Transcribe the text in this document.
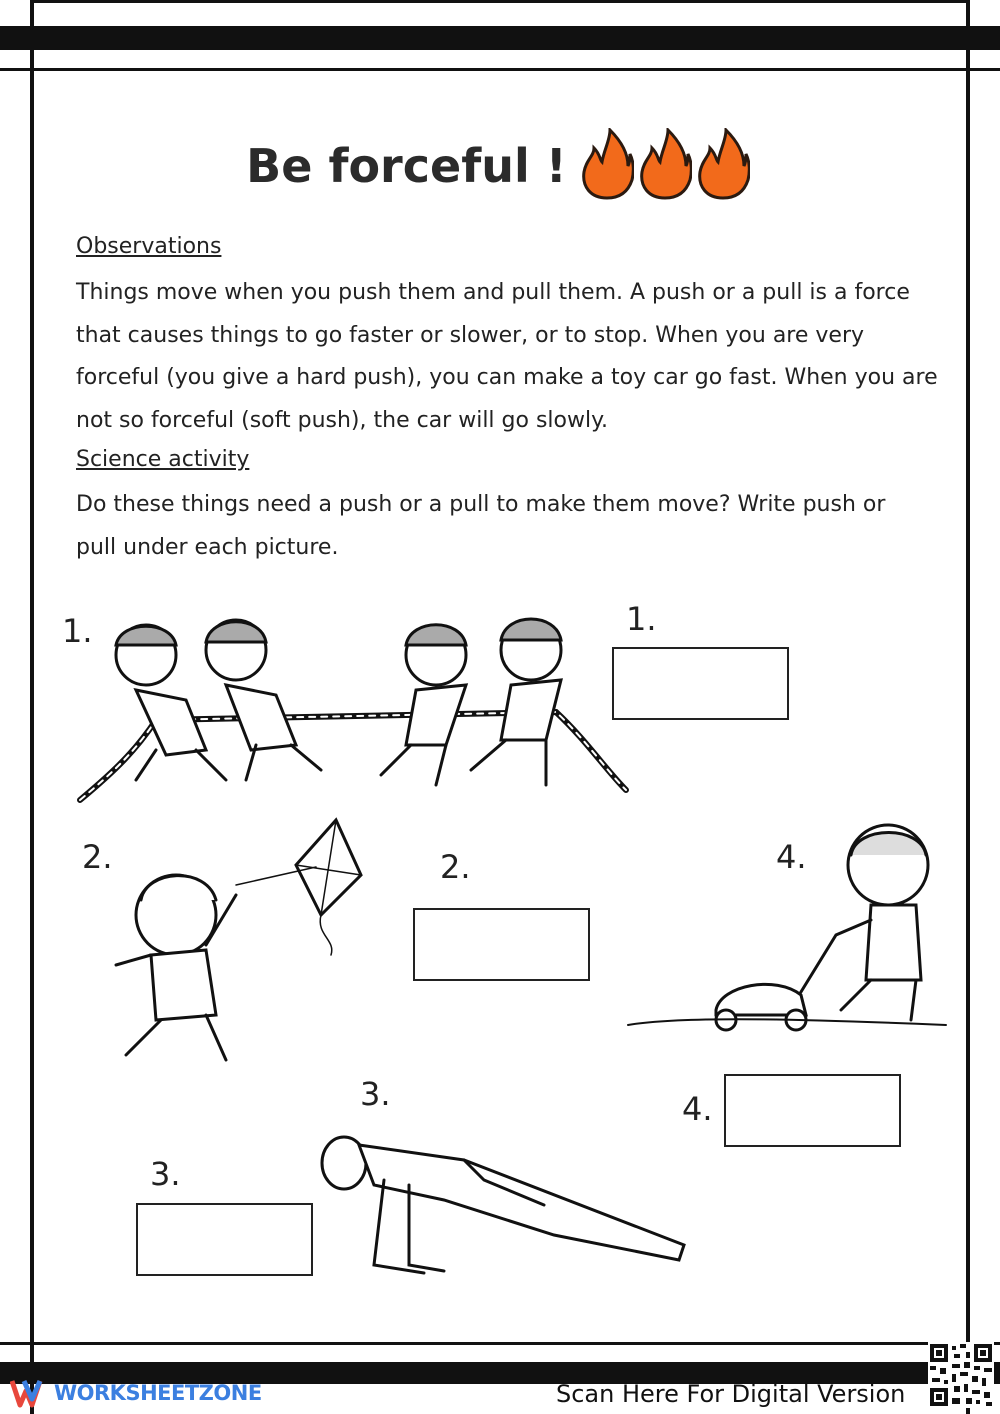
Be forceful !
Observations
Things move when you push them and pull them. A push or a pull is a force that causes things to go faster or slower, or to stop. When you are very forceful (you give a hard push), you can make a toy car go fast. When you are not so forceful (soft push), the car will go slowly.
Science activity
Do these things need a push or a pull to make them move? Write push or pull under each picture.
1.	1.
2.	2.	4.
4.
3.
3.
WORKSHEETZONE	Scan Here For Digital Version
